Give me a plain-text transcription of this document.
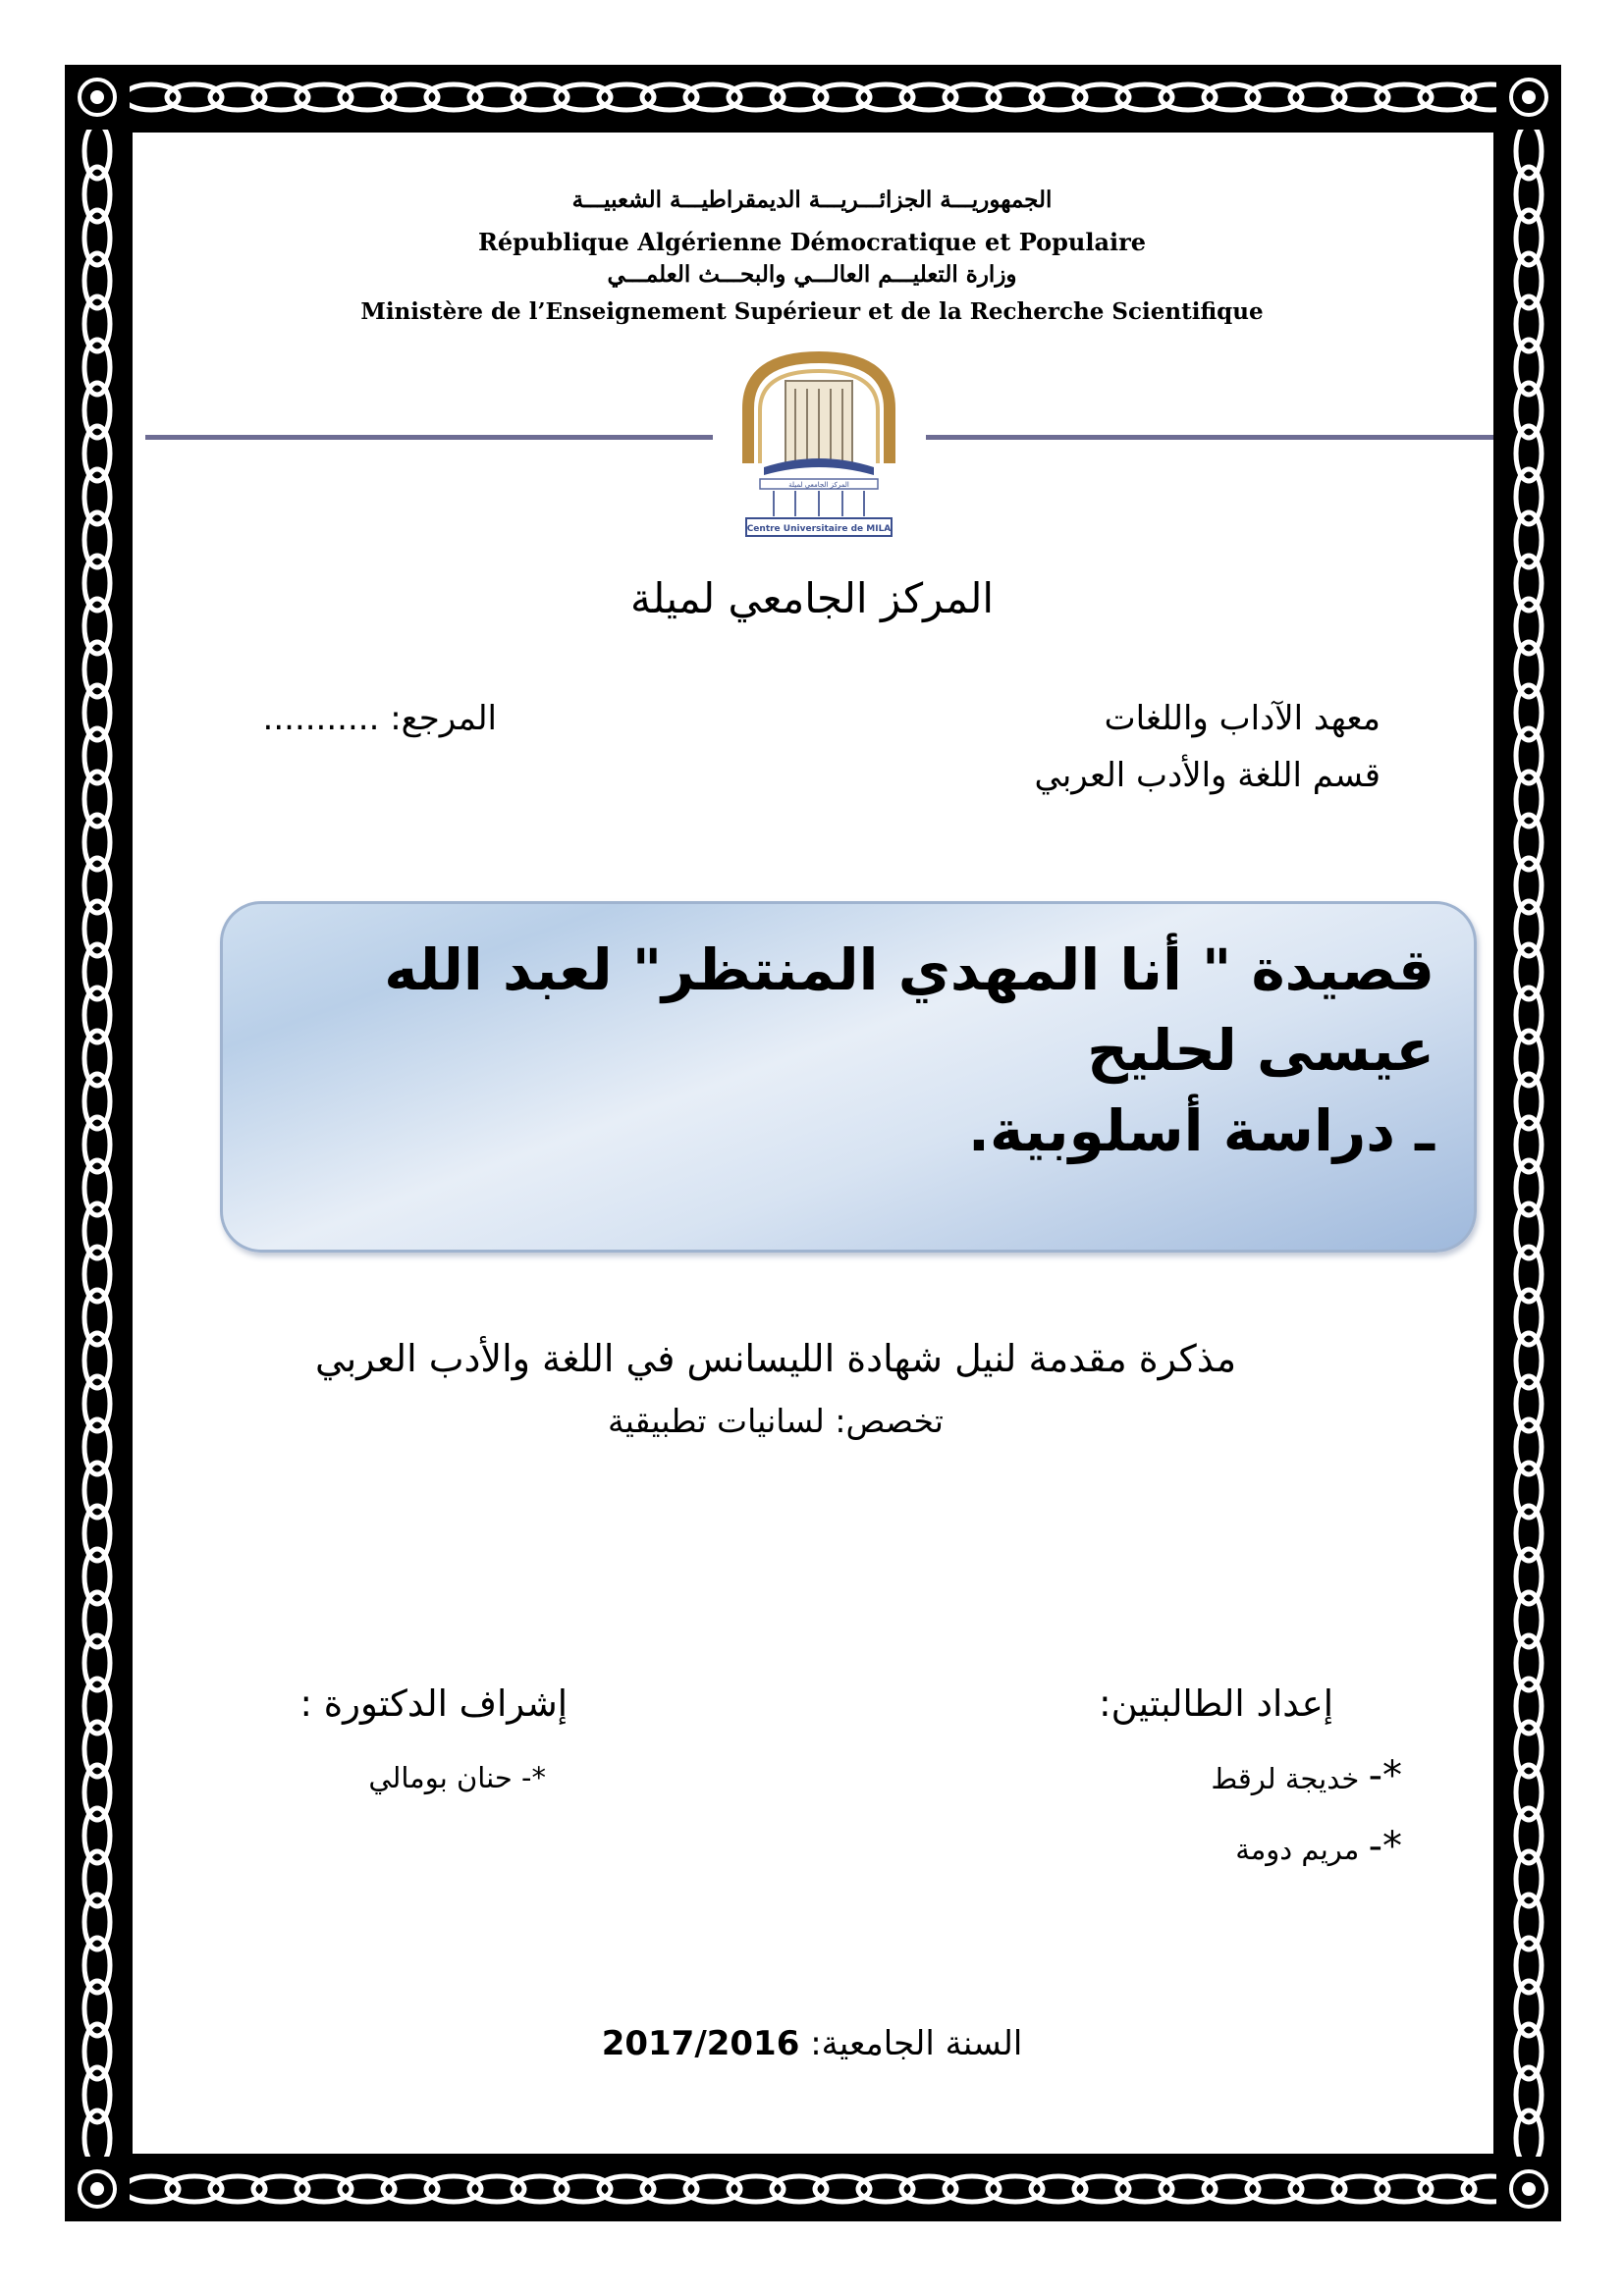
الجمهوريـــة الجزائـــريـــة الديمقراطيـــة الشعبيـــة
République Algérienne Démocratique et Populaire
وزارة التعليـــم العالـــي والبحـــث العلمـــي
Ministère de l’Enseignement Supérieur et de la Recherche Scientifique
Centre Universitaire de MILA
المركز الجامعي لميلة
المركز الجامعي لميلة
معهد الآداب واللغات
قسم اللغة والأدب العربي
المرجع: ...........
قصيدة " أنا المهدي المنتظر" لعبد الله عيسى لحليح
ـ دراسة أسلوبية.
مذكرة مقدمة لنيل شهادة الليسانس في اللغة والأدب العربي
تخصص: لسانيات تطبيقية
إعداد الطالبتين:
*- خديجة لرقط
*- مريم دومة
إشراف الدكتورة :
*- حنان بومالي
السنة الجامعية: 2017/2016
